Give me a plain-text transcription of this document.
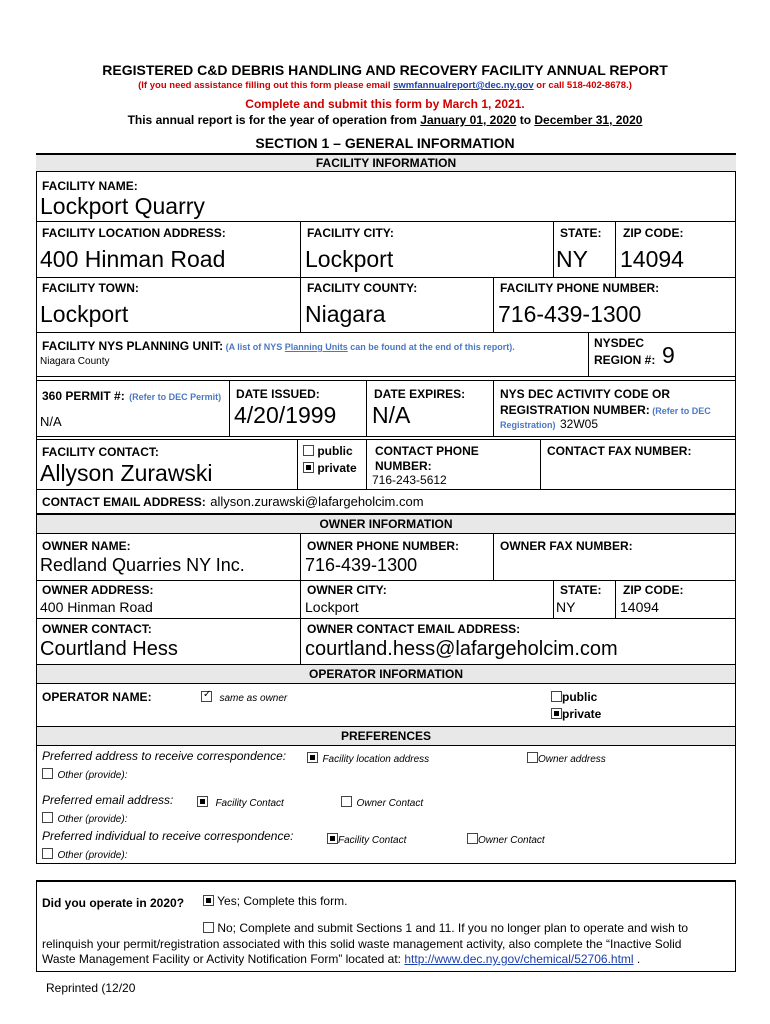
REGISTERED C&D DEBRIS HANDLING AND RECOVERY FACILITY ANNUAL REPORT
(If you need assistance filling out this form please email swmfannualreport@dec.ny.gov or call 518-402-8678.)
Complete and submit this form by March 1, 2021.
This annual report is for the year of operation from January 01, 2020 to December 31, 2020
SECTION 1 – GENERAL INFORMATION
FACILITY INFORMATION
FACILITY NAME:
Lockport Quarry
FACILITY LOCATION ADDRESS:	FACILITY CITY:	STATE: ZIP CODE:
400 Hinman Road	Lockport	NY 14094
FACILITY TOWN:	FACILITY COUNTY:	FACILITY PHONE NUMBER:
Lockport	Niagara	716-439-1300
FACILITY NYS PLANNING UNIT: (A list of NYS Planning Units can be found at the end of this report).
Niagara County
NYSDEC
REGION #: 9
360 PERMIT #: (Refer to DEC Permit)
N/A
DATE ISSUED:
4/20/1999
DATE EXPIRES:
N/A
NYS DEC ACTIVITY CODE OR
REGISTRATION NUMBER: (Refer to DEC
Registration) 32W05
FACILITY CONTACT:
Allyson Zurawski
public
private
CONTACT PHONE
NUMBER:
716-243-5612
CONTACT FAX NUMBER:
CONTACT EMAIL ADDRESS: allyson.zurawski@lafargeholcim.com
OWNER INFORMATION
OWNER NAME:
Redland Quarries NY Inc.
OWNER PHONE NUMBER:
716-439-1300
OWNER FAX NUMBER:
OWNER ADDRESS:
400 Hinman Road
OWNER CITY:
Lockport
STATE:
NY
ZIP CODE:
14094
OWNER CONTACT:
Courtland Hess
OWNER CONTACT EMAIL ADDRESS:
courtland.hess@lafargeholcim.com
OPERATOR INFORMATION
OPERATOR NAME:
✓	same as owner	public
private
PREFERENCES
Preferred address to receive correspondence:	Facility location address	Owner address
Other (provide):
Preferred email address:	Facility Contact	Owner Contact
Other (provide):
Preferred individual to receive correspondence:	Facility Contact	Owner Contact
Other (provide):
Did you operate in 2020?	Yes; Complete this form.
No; Complete and submit Sections 1 and 11. If you no longer plan to operate and wish to
relinquish your permit/registration associated with this solid waste management activity, also complete the “Inactive Solid
Waste Management Facility or Activity Notification Form” located at: http://www.dec.ny.gov/chemical/52706.html .
Reprinted (12/20
